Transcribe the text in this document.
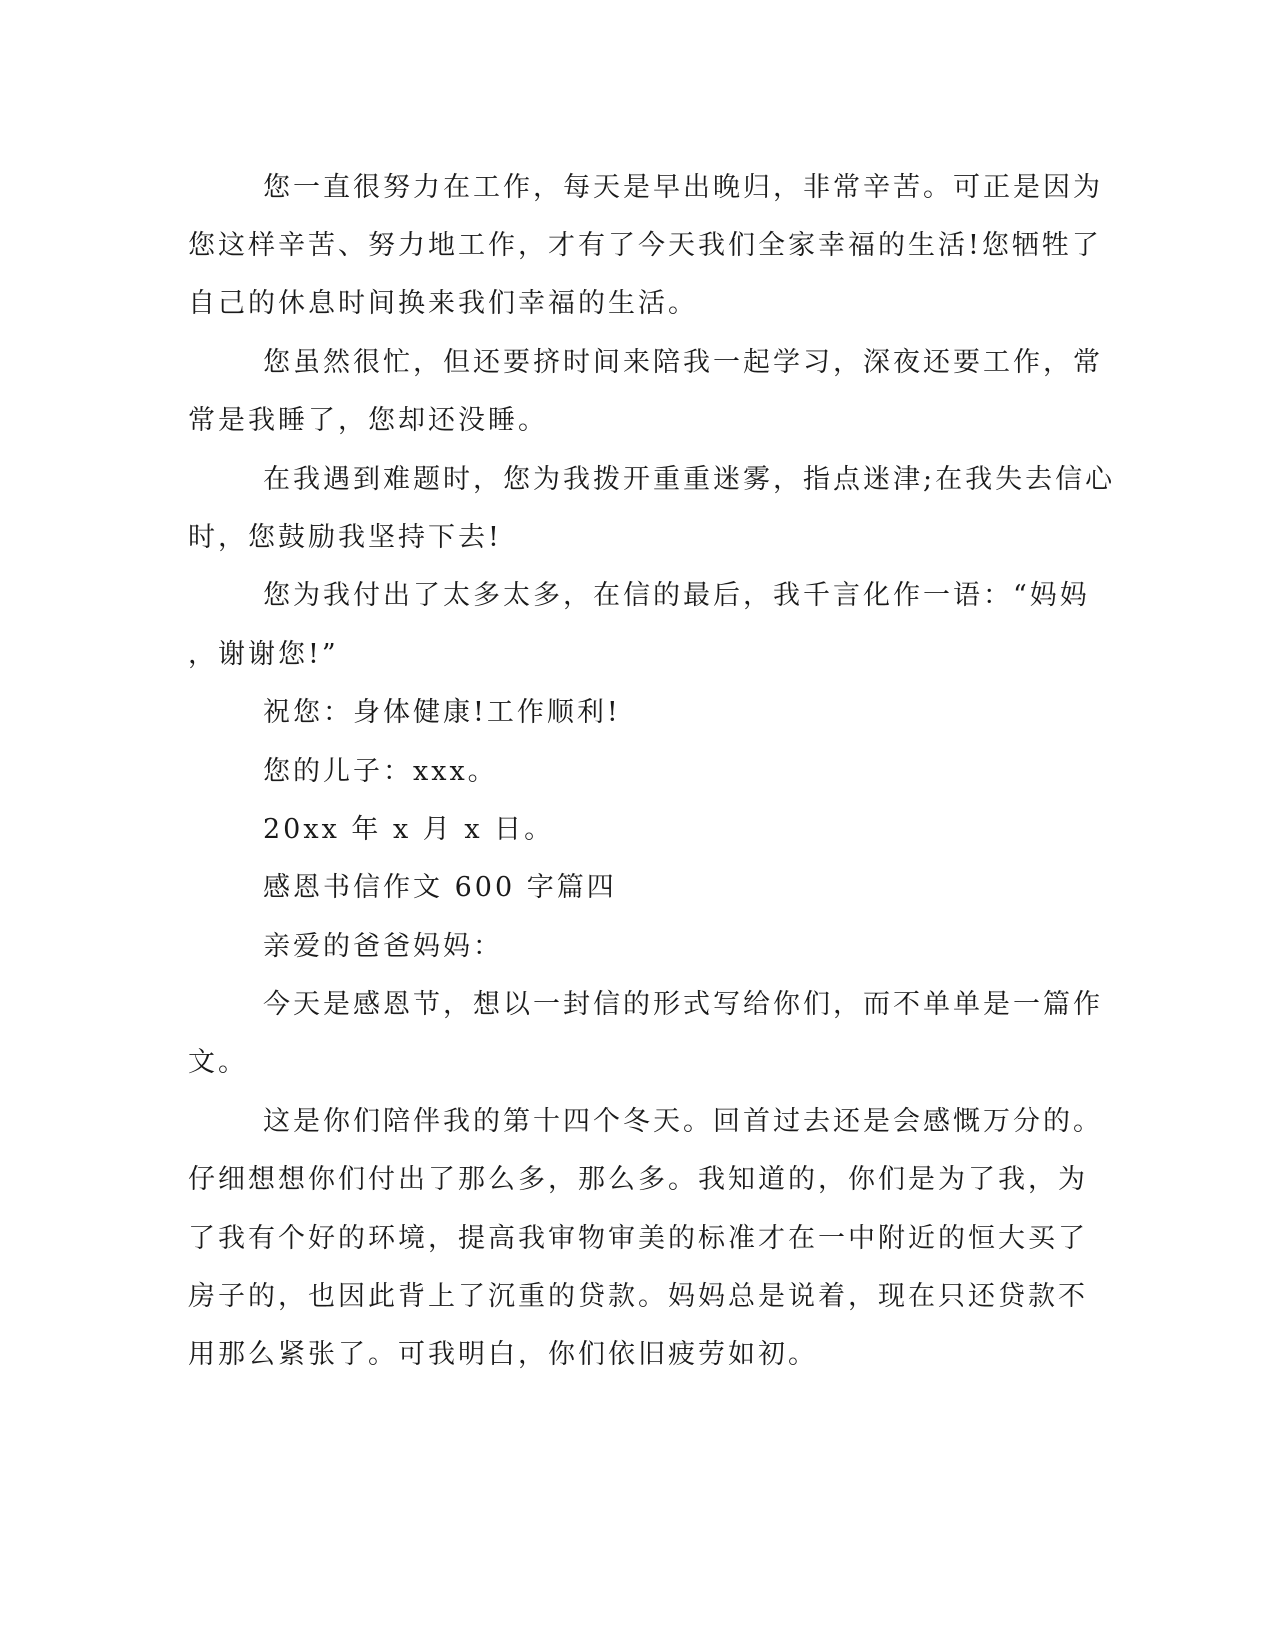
您一直很努力在工作，每天是早出晚归，非常辛苦。可正是因为
您这样辛苦、努力地工作，才有了今天我们全家幸福的生活!您牺牲了
自己的休息时间换来我们幸福的生活。
您虽然很忙，但还要挤时间来陪我一起学习，深夜还要工作，常
常是我睡了，您却还没睡。
在我遇到难题时，您为我拨开重重迷雾，指点迷津;在我失去信心
时，您鼓励我坚持下去!
您为我付出了太多太多，在信的最后，我千言化作一语：“妈妈
，谢谢您!”
祝您：身体健康!工作顺利!
您的儿子：xxx。
20xx 年 x 月 x 日。
感恩书信作文 600 字篇四
亲爱的爸爸妈妈：
今天是感恩节，想以一封信的形式写给你们，而不单单是一篇作
文。
这是你们陪伴我的第十四个冬天。回首过去还是会感慨万分的。
仔细想想你们付出了那么多，那么多。我知道的，你们是为了我，为
了我有个好的环境，提高我审物审美的标准才在一中附近的恒大买了
房子的，也因此背上了沉重的贷款。妈妈总是说着，现在只还贷款不
用那么紧张了。可我明白，你们依旧疲劳如初。
